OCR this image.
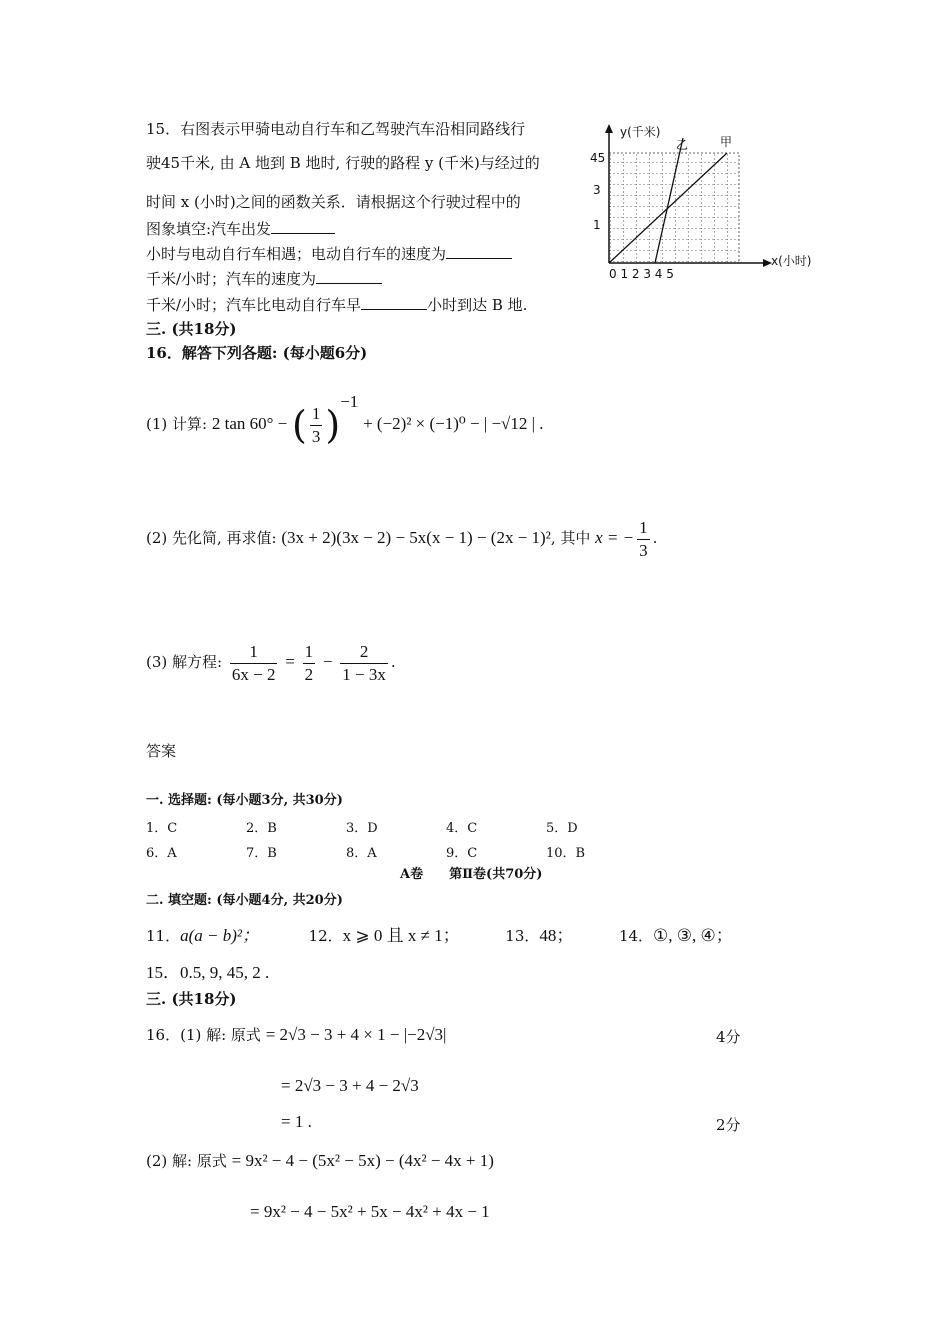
15．右图表示甲骑电动自行车和乙驾驶汽车沿相同路线行
驶45千米, 由 A 地到 B 地时, 行驶的路程 y (千米)与经过的
时间 x (小时)之间的函数关系．请根据这个行驶过程中的
图象填空:汽车出发
小时与电动自行车相遇；电动自行车的速度为
千米/小时；汽车的速度为
千米/小时；汽车比电动自行车早	小时到达 B 地.
y(千米)
x(小时)
45
3
1
0 1 2 3 4 5
甲
乙
三. (共18分)
16．解答下列各题: (每小题6分)
(1) 计算: 2 tan 60° − ( $\frac{1}{3} )^{-1} + (-2)^2 \times (-1)^0$ − | −√12 | .
(2) 先化简, 再求值: (3x + 2)(3x − 2) − 5x(x − 1) − (2x − 1)², 其中 x = − $\frac{1}{3}$ .
(3) 解方程: $\frac{1}{6x - 2} = \frac{1}{2} - \frac{2}{1 - 3x}$ .
答案
一. 选择题: (每小题3分, 共30分)
1．C	2．B	3．D	4．C	5．D
6．A	7．B	8．A	9．C	10．B
A卷　　第Ⅱ卷(共70分)
二. 填空题: (每小题4分, 共20分)
11．a(a − b)²；	12．x ⩾ 0 且 x ≠ 1；	13．48；	14．①, ③, ④；
15．0.5, 9, 45, 2 .
三. (共18分)
16．(1) 解: 原式 = 2√3 − 3 + 4 × 1 − |−2√3|	4分
= 2√3 − 3 + 4 − 2√3
= 1 .	2分
(2) 解: 原式 = 9x² − 4 − (5x² − 5x) − (4x² − 4x + 1)
= 9x² − 4 − 5x² + 5x − 4x² + 4x − 1
